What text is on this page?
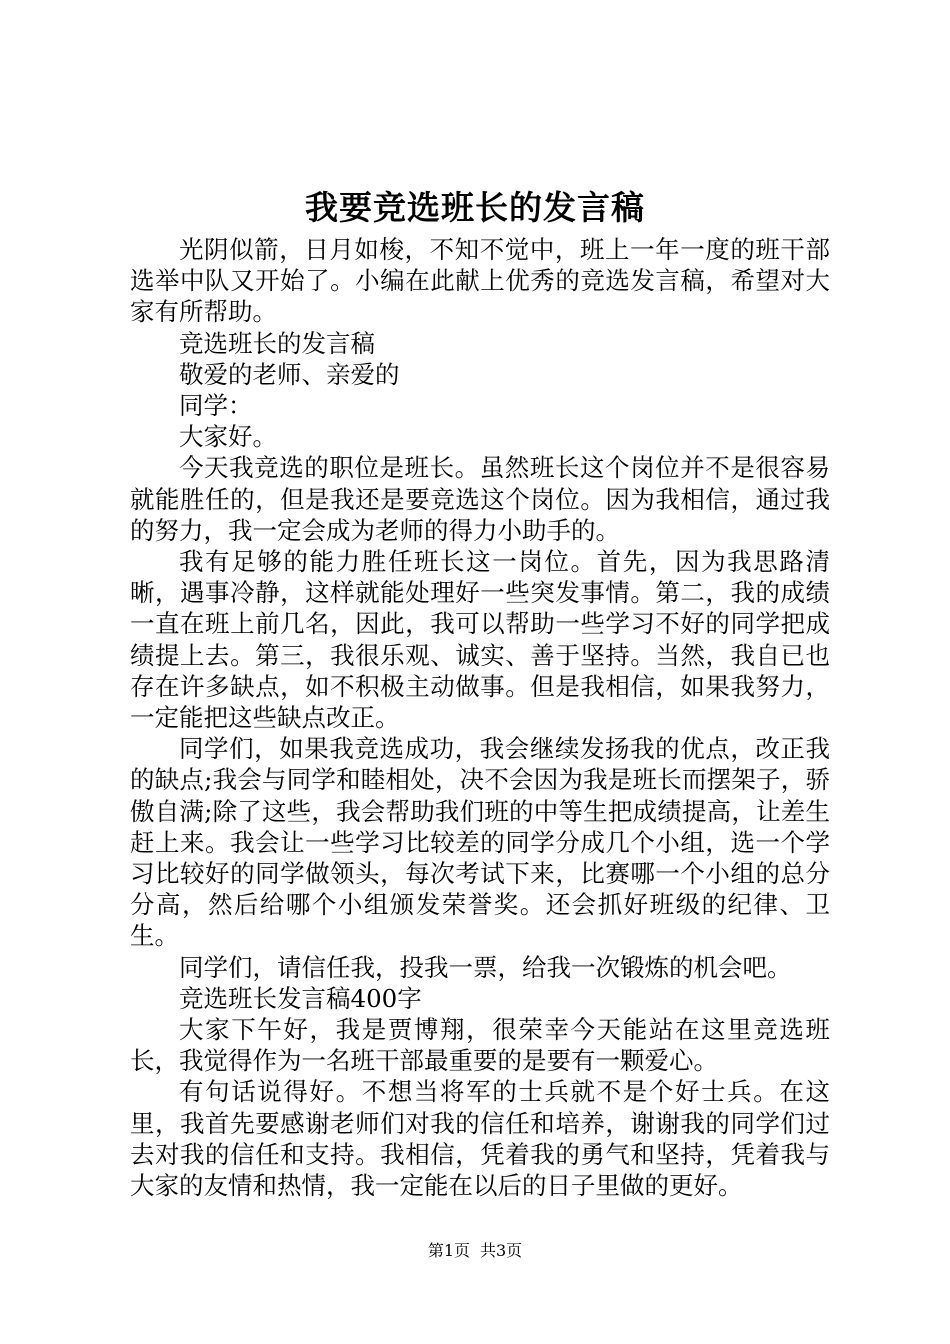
我要竞选班长的发言稿

光阴似箭，日月如梭，不知不觉中，班上一年一度的班干部选举中队又开始了。小编在此献上优秀的竞选发言稿，希望对大家有所帮助。

竞选班长的发言稿

敬爱的老师、亲爱的

同学：

大家好。

今天我竞选的职位是班长。虽然班长这个岗位并不是很容易就能胜任的，但是我还是要竞选这个岗位。因为我相信，通过我的努力，我一定会成为老师的得力小助手的。

我有足够的能力胜任班长这一岗位。首先，因为我思路清晰，遇事冷静，这样就能处理好一些突发事情。第二，我的成绩一直在班上前几名，因此，我可以帮助一些学习不好的同学把成绩提上去。第三，我很乐观、诚实、善于坚持。当然，我自已也存在许多缺点，如不积极主动做事。但是我相信，如果我努力，一定能把这些缺点改正。

同学们，如果我竞选成功，我会继续发扬我的优点，改正我的缺点;我会与同学和睦相处，决不会因为我是班长而摆架子，骄傲自满;除了这些，我会帮助我们班的中等生把成绩提高，让差生赶上来。我会让一些学习比较差的同学分成几个小组，选一个学习比较好的同学做领头，每次考试下来，比赛哪一个小组的总分分高，然后给哪个小组颁发荣誉奖。还会抓好班级的纪律、卫生。

同学们，请信任我，投我一票，给我一次锻炼的机会吧。

竞选班长发言稿400字

大家下午好，我是贾博翔，很荣幸今天能站在这里竞选班长，我觉得作为一名班干部最重要的是要有一颗爱心。

有句话说得好。不想当将军的士兵就不是个好士兵。在这里，我首先要感谢老师们对我的信任和培养，谢谢我的同学们过去对我的信任和支持。我相信，凭着我的勇气和坚持，凭着我与大家的友情和热情，我一定能在以后的日子里做的更好。

第1页 共3页
